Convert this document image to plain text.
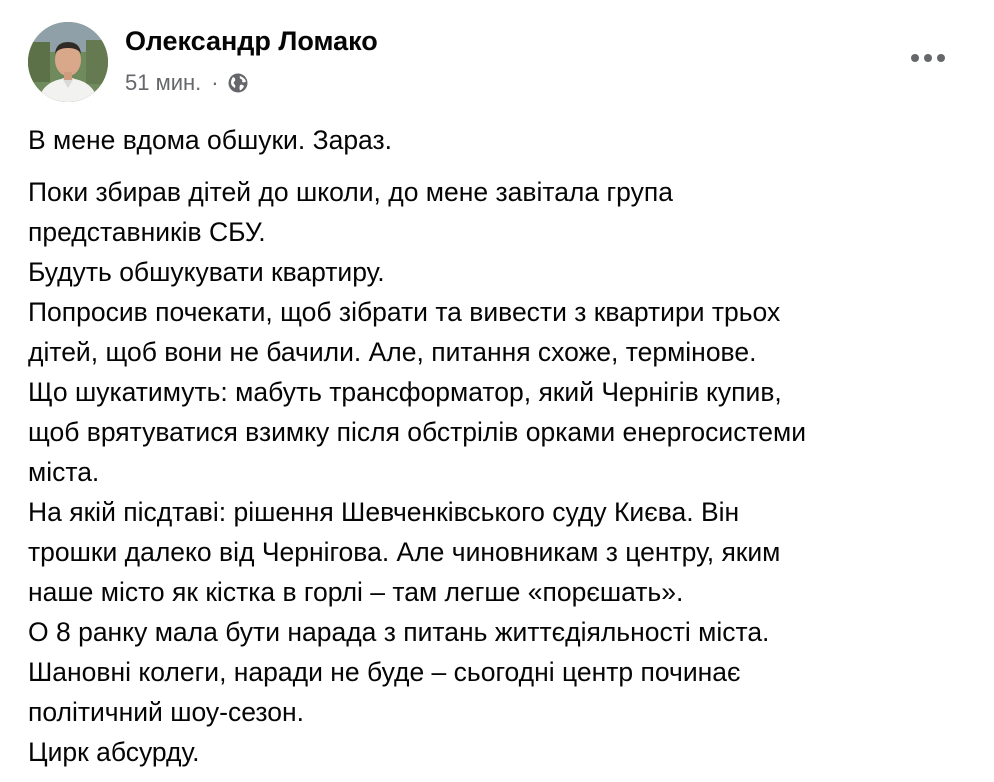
Олександр Ломако
51 мин. ·

В мене вдома обшуки. Зараз.

Поки збирав дітей до школи, до мене завітала група
представників СБУ.
Будуть обшукувати квартиру.
Попросив почекати, щоб зібрати та вивести з квартири трьох
дітей, щоб вони не бачили. Але, питання схоже, термінове.
Що шукатимуть: мабуть трансформатор, який Чернігів купив,
щоб врятуватися взимку після обстрілів орками енергосистеми
міста.
На якій пісдтаві: рішення Шевченківського суду Києва. Він
трошки далеко від Чернігова. Але чиновникам з центру, яким
наше місто як кістка в горлі – там легше «порєшать».
О 8 ранку мала бути нарада з питань життєдіяльності міста.
Шановні колеги, наради не буде – сьогодні центр починає
політичний шоу-сезон.
Цирк абсурду.
